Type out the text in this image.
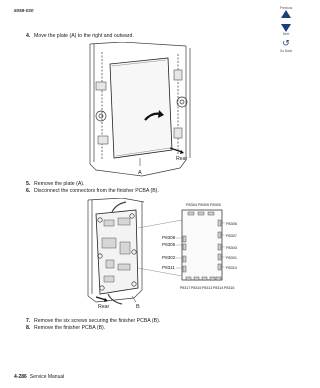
5058-030	Previous
Next
↺
Go Back
4. Move the plate (A) to the right and outward.
Rear
A
5. Remove the plate (A).
6. Disconnect the connectors from the finisher PCBA (B).
P8304 P8309 P8300
P8306
P8307
P8303
P8301
P8310
P8308
P8305
P8302
P8311
P8317 P8315 P8313 P8314 P8316
Rear	B
7. Remove the six screws securing the finisher PCBA (B).
8. Remove the finisher PCBA (B).
4-286 Service Manual
